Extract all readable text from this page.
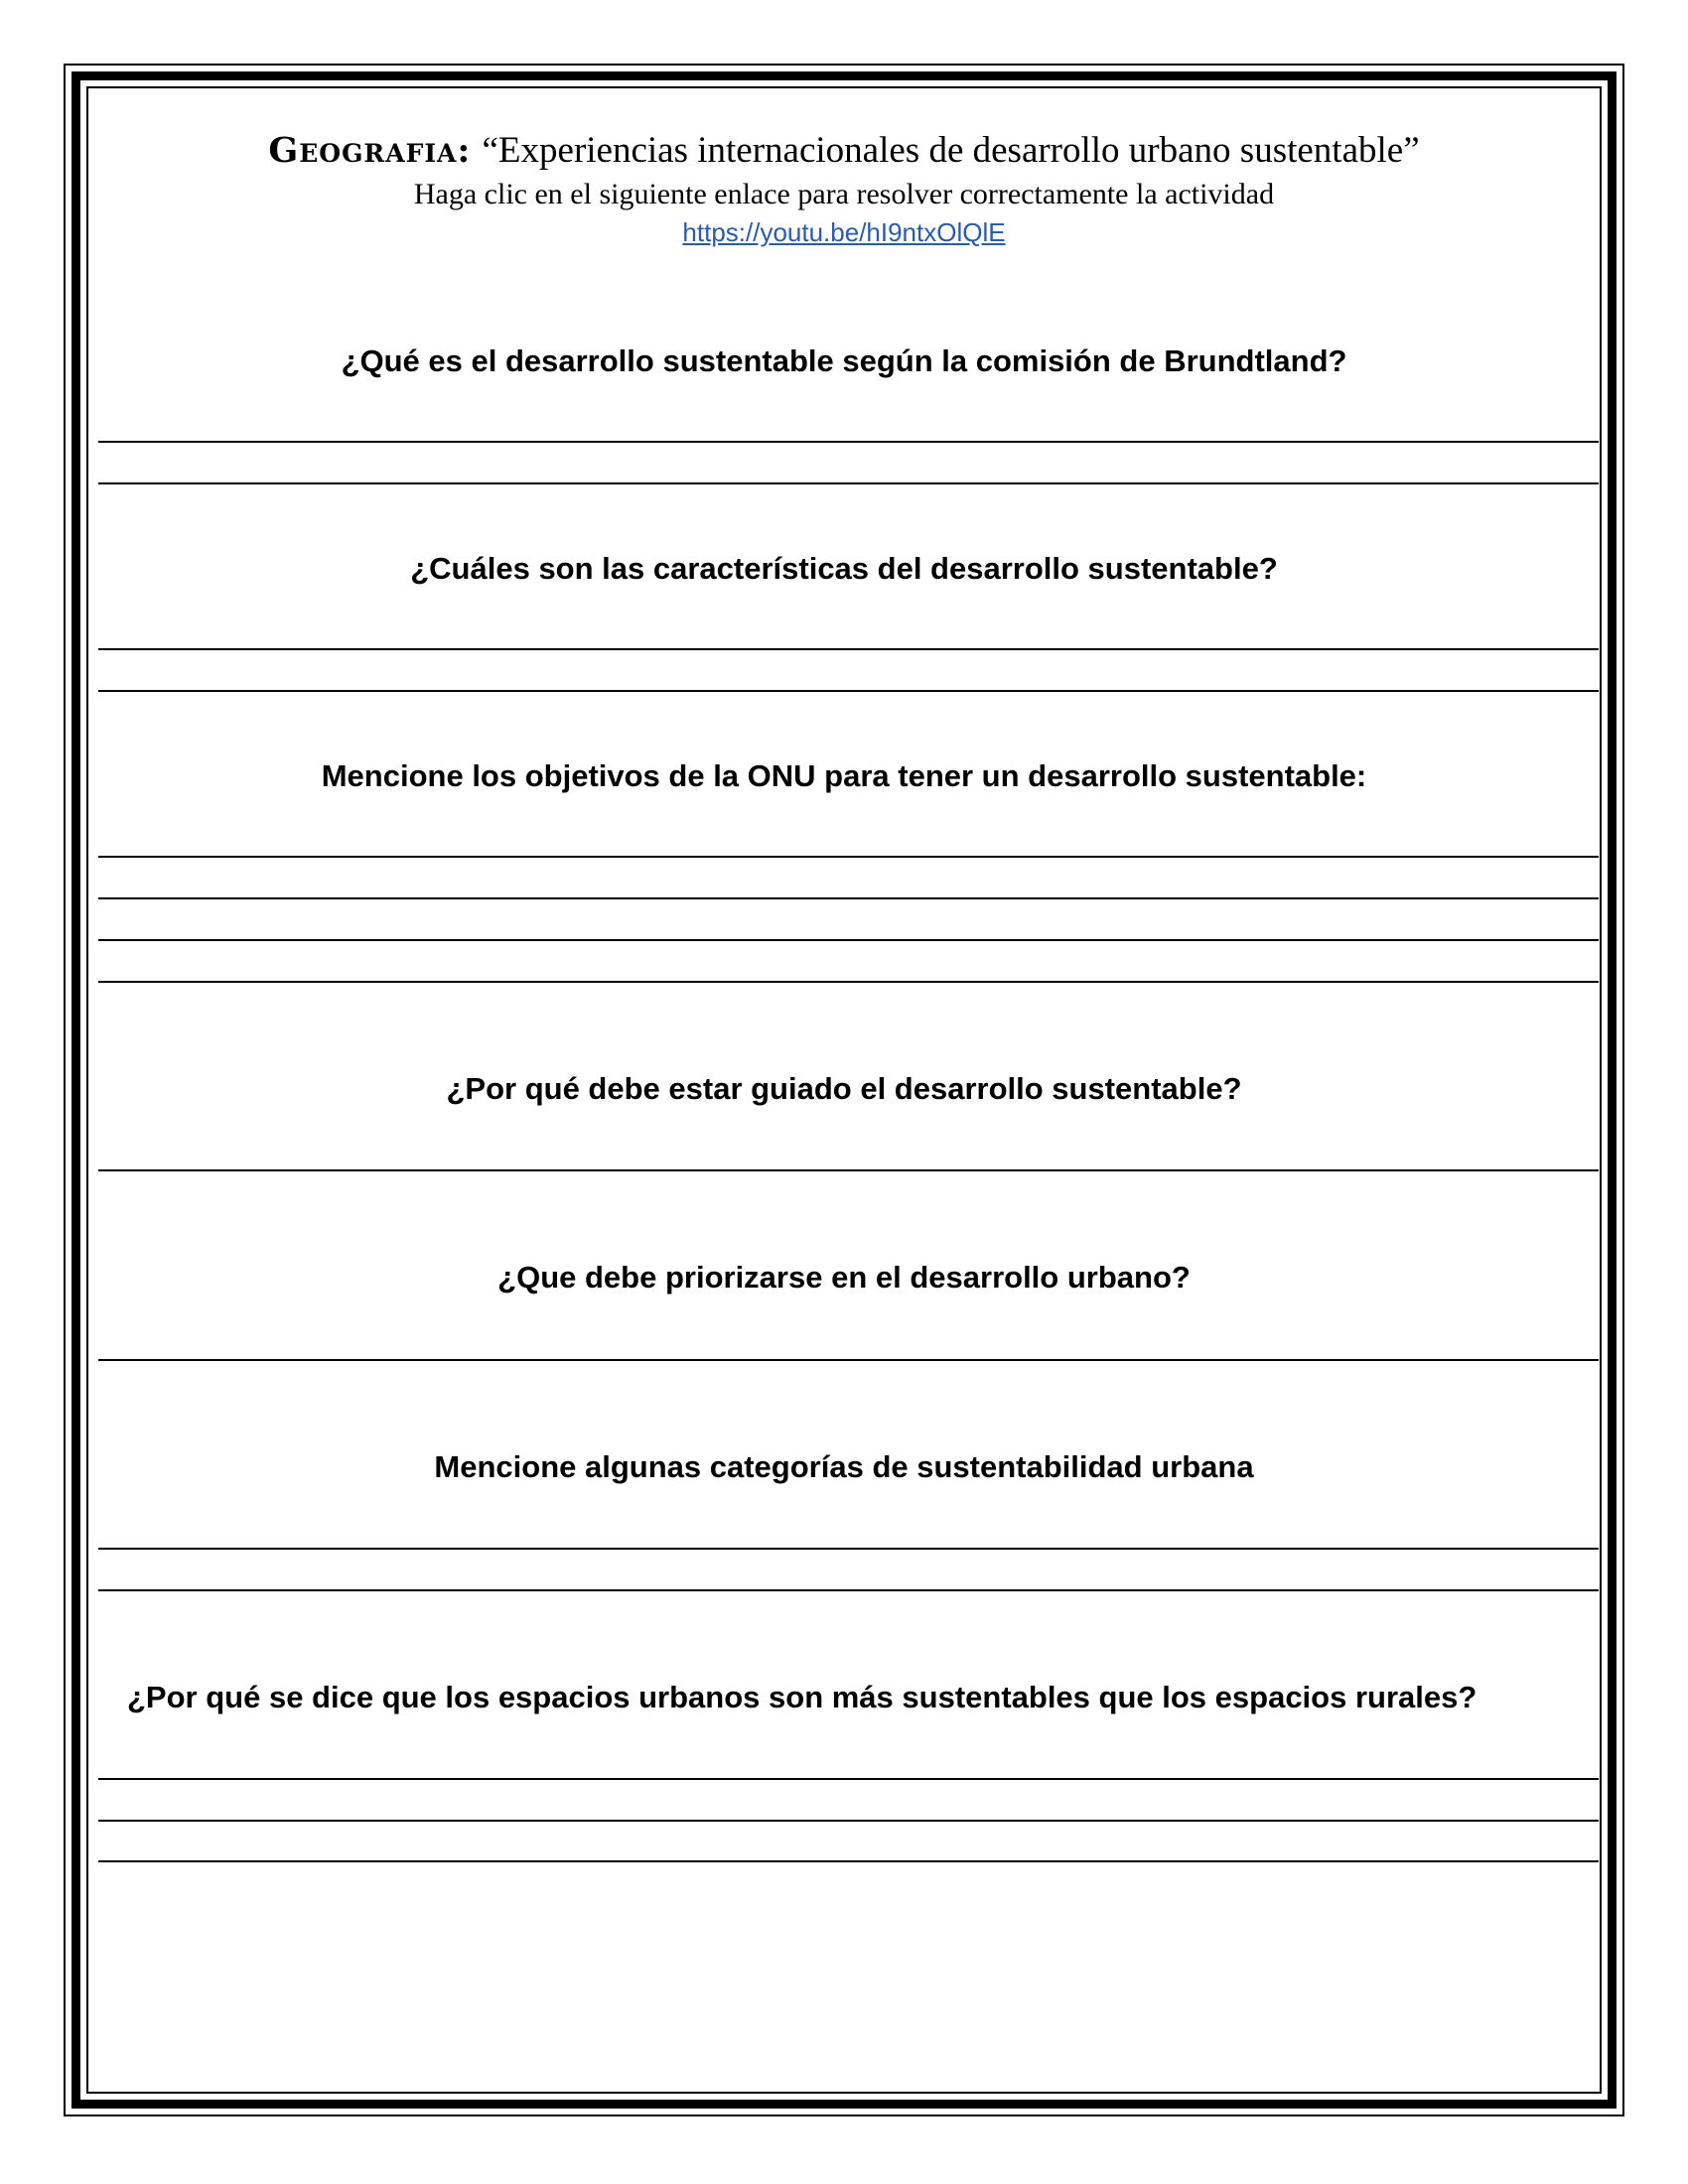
Geografia: “Experiencias internacionales de desarrollo urbano sustentable”
Haga clic en el siguiente enlace para resolver correctamente la actividad
https://youtu.be/hI9ntxOlQlE
¿Qué es el desarrollo sustentable según la comisión de Brundtland?
¿Cuáles son las características del desarrollo sustentable?
Mencione los objetivos de la ONU para tener un desarrollo sustentable:
¿Por qué debe estar guiado el desarrollo sustentable?
¿Que debe priorizarse en el desarrollo urbano?
Mencione algunas categorías de sustentabilidad urbana
¿Por qué se dice que los espacios urbanos son más sustentables que los espacios rurales?
